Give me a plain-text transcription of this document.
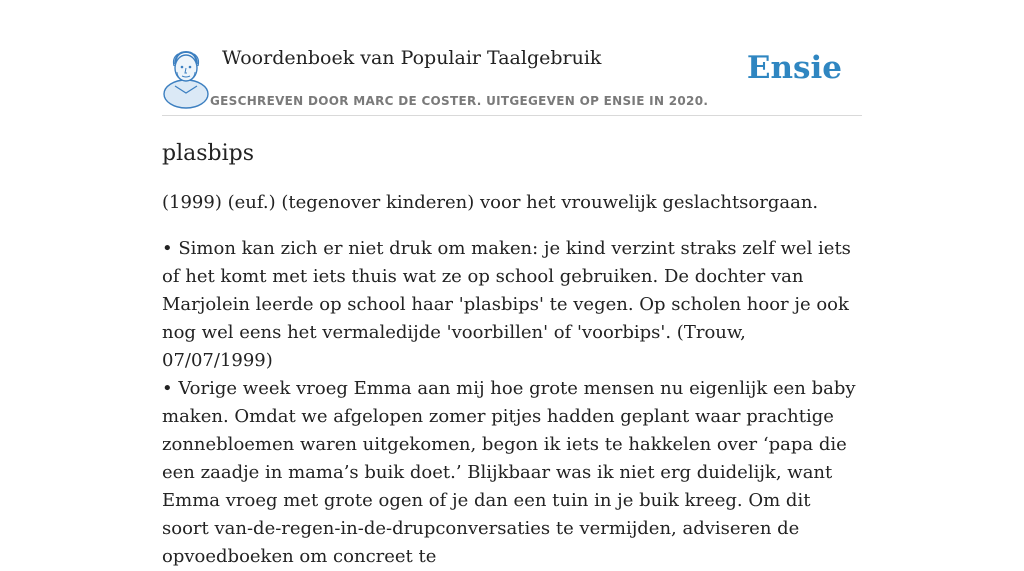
Woordenboek van Populair Taalgebruik
GESCHREVEN DOOR MARC DE COSTER. UITGEGEVEN OP ENSIE IN 2020.
Ensie
plasbips

(1999) (euf.) (tegenover kinderen) voor het vrouwelijk geslachtsorgaan.

• Simon kan zich er niet druk om maken: je kind verzint straks zelf wel iets of het komt met iets thuis wat ze op school gebruiken. De dochter van Marjolein leerde op school haar 'plasbips' te vegen. Op scholen hoor je ook nog wel eens het vermaledijde 'voorbillen' of 'voorbips'. (Trouw, 07/07/1999)

• Vorige week vroeg Emma aan mij hoe grote mensen nu eigenlijk een baby maken. Omdat we afgelopen zomer pitjes hadden geplant waar prachtige zonnebloemen waren uitgekomen, begon ik iets te hakkelen over ‘papa die een zaadje in mama’s buik doet.’ Blijkbaar was ik niet erg duidelijk, want Emma vroeg met grote ogen of je dan een tuin in je buik kreeg. Om dit soort van-de-regen-in-de-drupconversaties te vermijden, adviseren de opvoedboeken om concreet te
